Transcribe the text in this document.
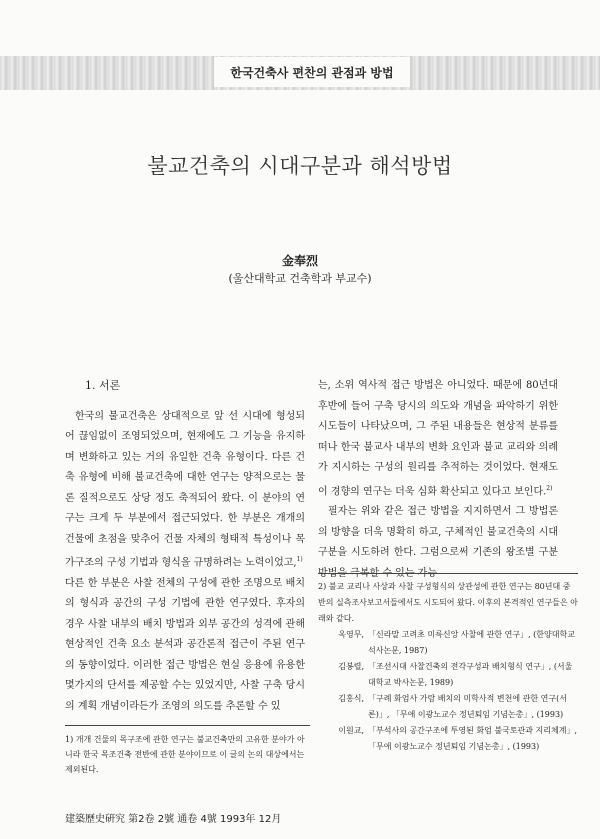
한국건축사 편찬의 관점과 방법
불교건축의 시대구분과 해석방법
金奉烈
(울산대학교 건축학과 부교수)
1. 서론

한국의 불교건축은 상대적으로 앞 선 시대에 형성되어 끊임없이 조영되었으며, 현재에도 그 기능을 유지하며 변화하고 있는 거의 유일한 건축 유형이다. 다른 건축 유형에 비해 불교건축에 대한 연구는 양적으로는 물론 질적으로도 상당 정도 축적되어 왔다. 이 분야의 연구는 크게 두 부분에서 접근되었다. 한 부분은 개개의 건물에 초점을 맞추어 건물 자체의 형태적 특성이나 목가구조의 구성 기법과 형식을 규명하려는 노력이었고,$^{1)}$

다른 한 부분은 사찰 전체의 구성에 관한 조명으로 배치의 형식과 공간의 구성 기법에 관한 연구였다. 후자의 경우 사찰 내부의 배치 방법과 외부 공간의 성격에 관해 현상적인 건축 요소 분석과 공간론적 접근이 주된 연구의 동향이었다. 이러한 접근 방법은 현실 응용에 유용한 몇가지의 단서를 제공할 수는 있었지만, 사찰 구축 당시의 계획 개념이라든가 조영의 의도를 추론할 수 있

는, 소위 역사적 접근 방법은 아니었다. 때문에 80년대 후반에 들어 구축 당시의 의도와 개념을 파악하기 위한 시도들이 나타났으며, 그 주된 내용들은 현상적 분류를 떠나 한국 불교사 내부의 변화 요인과 불교 교리와 의례가 지시하는 구성의 원리를 추적하는 것이었다. 현재도 이 경향의 연구는 더욱 심화 확산되고 있다고 보인다.$^{2)}$

필자는 위와 같은 접근 방법을 지지하면서 그 방법론의 방향을 더욱 명확히 하고, 구체적인 불교건축의 시대구분을 시도하려 한다. 그럼으로써 기존의 왕조별 구분 방법을 극복할 수 있는 가능

2) 불교 교리나 사상과 사찰 구성형식의 상관성에 관한 연구는 80년대 중반의 실측조사보고서들에서도 시도되어 왔다. 이후의 본격적인 연구들은 아래와 같다.
옥영무, 「신라말 고려초 미륵신앙 사찰에 관한 연구」, (한양대학교 석사논문, 1987)
김봉렬, 「조선시대 사찰건축의 전각구성과 배치형식 연구」, (서울대학교 박사논문, 1989)
김홍식, 「구례 화엄사 가람 배치의 미학사적 변천에 관한 연구(서론)」, 「무애 이광노교수 정년퇴임 기념논총」, (1993)
이원교, 「부석사의 공간구조에 투영된 화엄 불국토관과 지리체계」, 「무애 이광노교수 정년퇴임 기념논총」, (1993)
1) 개개 건물의 목구조에 관한 연구는 불교건축만의 고유한 분야가 아니라 한국 목조건축 전반에 관한 분야이므로 이 글의 논의 대상에서는 제외된다.
建築歷史硏究 第2卷 2號 通卷 4號 1993年 12月
